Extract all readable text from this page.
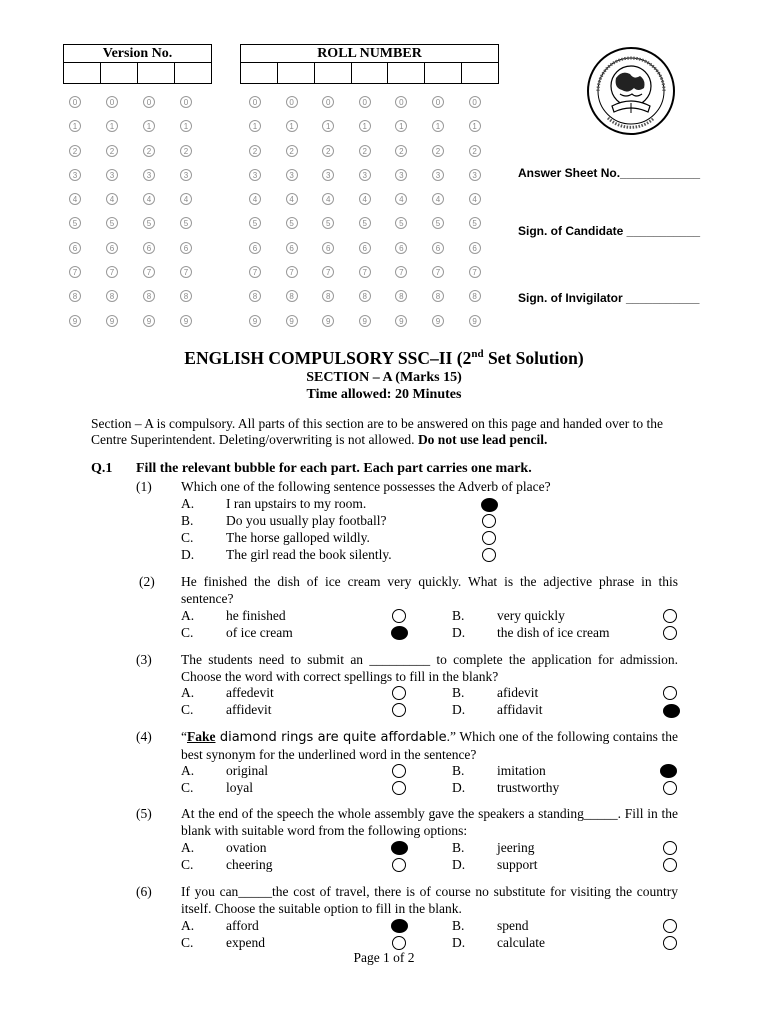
Version No.	ROLL NUMBER
0	0	0	0
1	1	1	1
2	2	2	2
3	3	3	3
4	4	4	4
5	5	5	5
6	6	6	6
7	7	7	7
8	8	8	8
9	9	9	9
0	0	0	0	0	0	0
1	1	1	1	1	1	1
2	2	2	2	2	2	2
3	3	3	3	3	3	3
4	4	4	4	4	4	4
5	5	5	5	5	5	5
6	6	6	6	6	6	6
7	7	7	7	7	7	7
8	8	8	8	8	8	8
9	9	9	9	9	9	9
Answer Sheet No.____________
Sign. of Candidate ___________
Sign. of Invigilator ___________
ENGLISH COMPULSORY SSC–II (2nd Set Solution)
SECTION – A (Marks 15)
Time allowed: 20 Minutes
Section – A is compulsory. All parts of this section are to be answered on this page and handed over to the Centre Superintendent. Deleting/overwriting is not allowed. Do not use lead pencil.
Q.1 Fill the relevant bubble for each part. Each part carries one mark.
(1) Which one of the following sentence possesses the Adverb of place?
A. I ran upstairs to my room.
B. Do you usually play football?
C. The horse galloped wildly.
D. The girl read the book silently.
(2) He finished the dish of ice cream very quickly. What is the adjective phrase in this sentence?
A. he finished	B. very quickly
C. of ice cream	D. the dish of ice cream
(3) The students need to submit an _________ to complete the application for admission. Choose the word with correct spellings to fill in the blank?
A. affedevit	B. afidevit
C. affidevit	D. affidavit
(4) “Fake diamond rings are quite affordable.” Which one of the following contains the best synonym for the underlined word in the sentence?
A. original	B. imitation
C. loyal	D. trustworthy
(5) At the end of the speech the whole assembly gave the speakers a standing_____. Fill in the blank with suitable word from the following options:
A. ovation	B. jeering
C. cheering	D. support
(6) If you can_____the cost of travel, there is of course no substitute for visiting the country itself. Choose the suitable option to fill in the blank.
A. afford	B. spend
C. expend	D. calculate
Page 1 of 2
